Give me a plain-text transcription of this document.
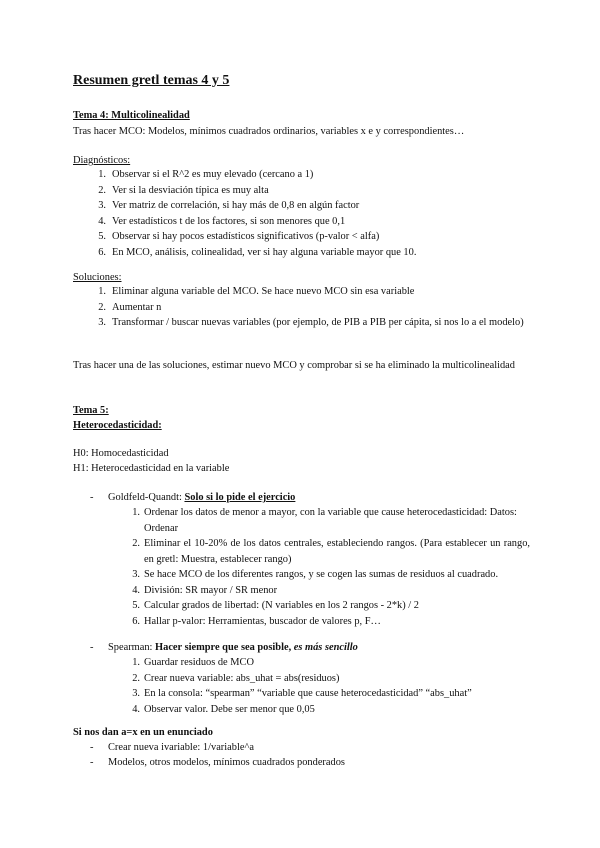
Resumen gretl temas 4 y 5
Tema 4: Multicolinealidad
Tras hacer MCO: Modelos, mínimos cuadrados ordinarios, variables x e y correspondientes…
Diagnósticos:
1. Observar si el R^2 es muy elevado (cercano a 1)
2. Ver si la desviación típica es muy alta
3. Ver matriz de correlación, si hay más de 0,8 en algún factor
4. Ver estadísticos t de los factores, si son menores que 0,1
5. Observar si hay pocos estadísticos significativos (p-valor < alfa)
6. En MCO, análisis, colinealidad, ver si hay alguna variable mayor que 10.
Soluciones:
1. Eliminar alguna variable del MCO. Se hace nuevo MCO sin esa variable
2. Aumentar n
3. Transformar / buscar nuevas variables (por ejemplo, de PIB a PIB per cápita, si nos lo a el modelo)
Tras hacer una de las soluciones, estimar nuevo MCO y comprobar si se ha eliminado la multicolinealidad
Tema 5:
Heterocedasticidad:
H0: Homocedasticidad
H1: Heterocedasticidad en la variable
- Goldfeld-Quandt: Solo si lo pide el ejercicio
1. Ordenar los datos de menor a mayor, con la variable que cause heterocedasticidad: Datos: Ordenar
2. Eliminar el 10-20% de los datos centrales, estableciendo rangos. (Para establecer un rango, en gretl: Muestra, establecer rango)
3. Se hace MCO de los diferentes rangos, y se cogen las sumas de residuos al cuadrado.
4. División: SR mayor / SR menor
5. Calcular grados de libertad: (N variables en los 2 rangos - 2*k) / 2
6. Hallar p-valor: Herramientas, buscador de valores p, F…
- Spearman: Hacer siempre que sea posible, es más sencillo
1. Guardar residuos de MCO
2. Crear nueva variable: abs_uhat = abs(residuos)
3. En la consola: “spearman” “variable que cause heterocedasticidad” “abs_uhat”
4. Observar valor. Debe ser menor que 0,05
Si nos dan a=x en un enunciado
- Crear nueva ivariable: 1/variable^a
- Modelos, otros modelos, mínimos cuadrados ponderados
